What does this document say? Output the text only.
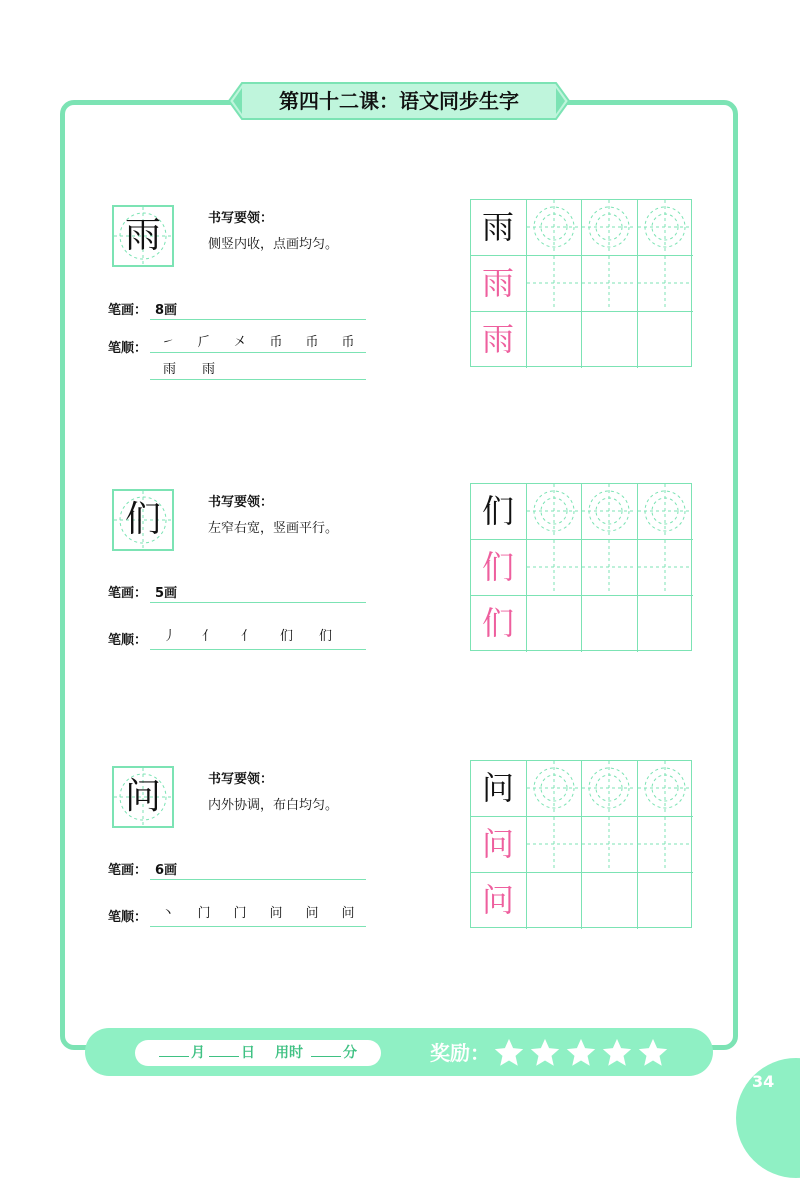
第四十二课：语文同步生字
雨	书写要领：
侧竖内收，点画均匀。
笔画： 8画
笔顺：	㇀	𠂆	㐅	币	币	币
雨	雨
雨
雨
雨
们	书写要领：
左窄右宽，竖画平行。
笔画： 5画
笔顺：	丿	亻	亻	们	们
们
们
们
问	书写要领：
内外协调，布白均匀。
笔画： 6画
笔顺：	丶	门	门	问	问	问
问
问
问
月	日 用时	分	奖励：
34
